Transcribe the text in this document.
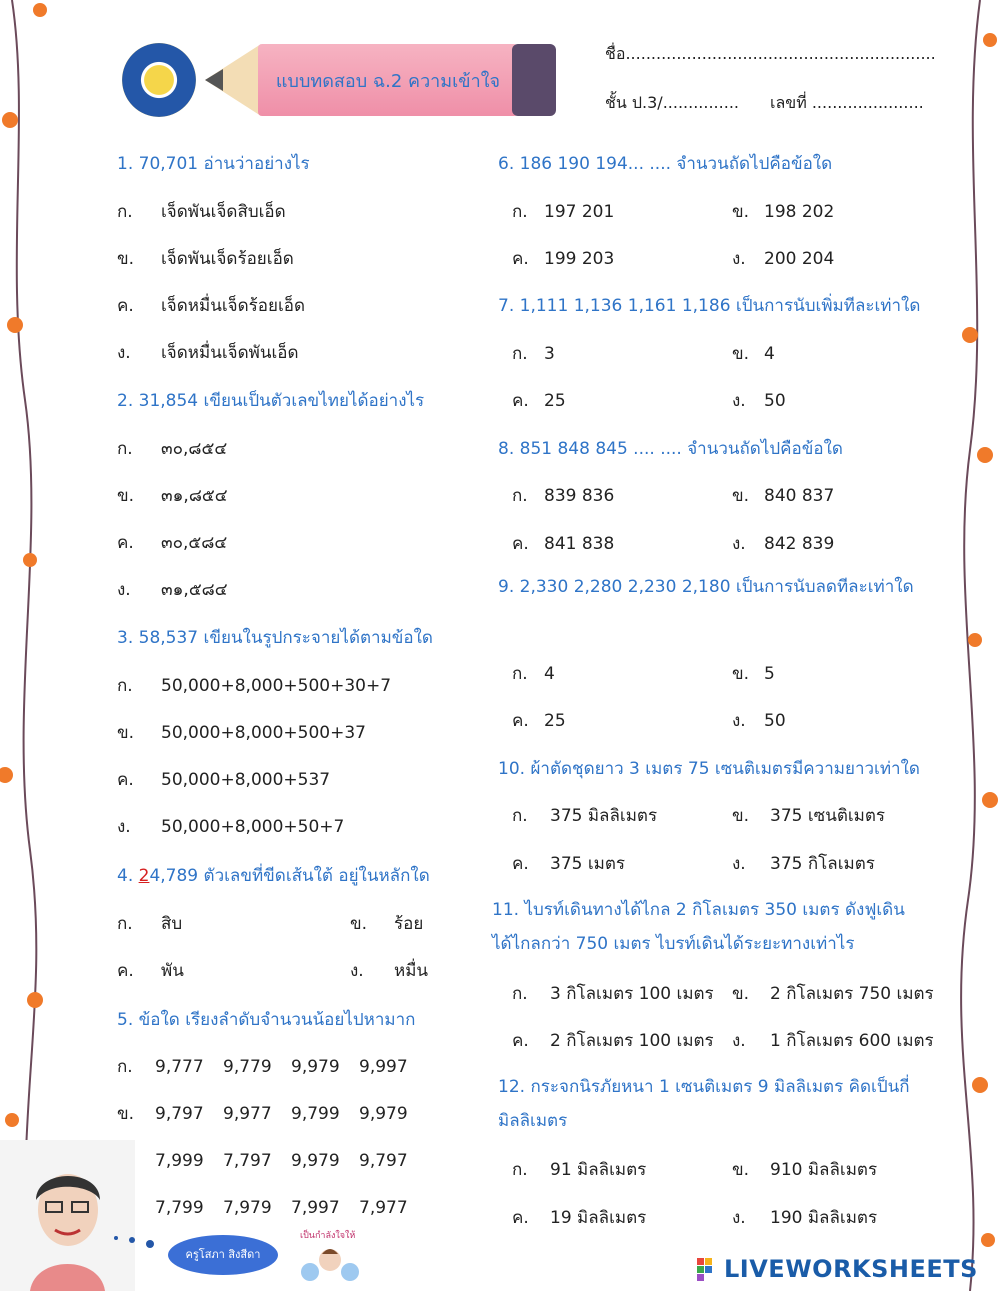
แบบทดสอบ ฉ.2 ความเข้าใจ
ชื่อ.............................................................
ชั้น ป.3/............... เลขที่ ......................
1. 70,701 อ่านว่าอย่างไร
ก. เจ็ดพันเจ็ดสิบเอ็ด
ข. เจ็ดพันเจ็ดร้อยเอ็ด
ค. เจ็ดหมื่นเจ็ดร้อยเอ็ด
ง. เจ็ดหมื่นเจ็ดพันเอ็ด
2. 31,854 เขียนเป็นตัวเลขไทยได้อย่างไร
ก. ๓๐,๘๕๔
ข. ๓๑,๘๕๔
ค. ๓๐,๕๘๔
ง. ๓๑,๕๘๔
3. 58,537 เขียนในรูปกระจายได้ตามข้อใด
ก. 50,000+8,000+500+30+7
ข. 50,000+8,000+500+37
ค. 50,000+8,000+537
ง. 50,000+8,000+50+7
4. 24,789 ตัวเลขที่ขีดเส้นใต้ อยู่ในหลักใด
ก. สิบ	ข. ร้อย
ค. พัน	ง. หมื่น
5. ข้อใด เรียงลำดับจำนวนน้อยไปหามาก
ก. 9,777 9,779 9,979 9,997
ข. 9,797 9,977 9,799 9,979
7,999 7,797 9,979 9,797
7,799 7,979 7,997 7,977
6. 186 190 194... .... จำนวนถัดไปคือข้อใด
ก. 197 201	ข. 198 202
ค. 199 203	ง. 200 204
7. 1,111 1,136 1,161 1,186 เป็นการนับเพิ่มทีละเท่าใด
ก. 3	ข. 4
ค. 25	ง. 50
8. 851 848 845 .... .... จำนวนถัดไปคือข้อใด
ก. 839 836	ข. 840 837
ค. 841 838	ง. 842 839
9. 2,330 2,280 2,230 2,180 เป็นการนับลดทีละเท่าใด
ก. 4	ข. 5
ค. 25	ง. 50
10. ผ้าตัดชุดยาว 3 เมตร 75 เซนติเมตรมีความยาวเท่าใด
ก. 375 มิลลิเมตร	ข. 375 เซนติเมตร
ค. 375 เมตร	ง. 375 กิโลเมตร
11. ไบรท์เดินทางได้ไกล 2 กิโลเมตร 350 เมตร ดังฟูเดินได้ไกลกว่า 750 เมตร ไบรท์เดินได้ระยะทางเท่าไร
ก. 3 กิโลเมตร 100 เมตร ข. 2 กิโลเมตร 750 เมตร
ค. 2 กิโลเมตร 100 เมตร ง. 1 กิโลเมตร 600 เมตร
12. กระจกนิรภัยหนา 1 เซนติเมตร 9 มิลลิเมตร คิดเป็นกี่มิลลิเมตร
ก. 91 มิลลิเมตร	ข. 910 มิลลิเมตร
ค. 19 มิลลิเมตร	ง. 190 มิลลิเมตร
ครูโสภา สิงสีดา
เป็นกำลังใจให้
LIVEWORKSHEETS
